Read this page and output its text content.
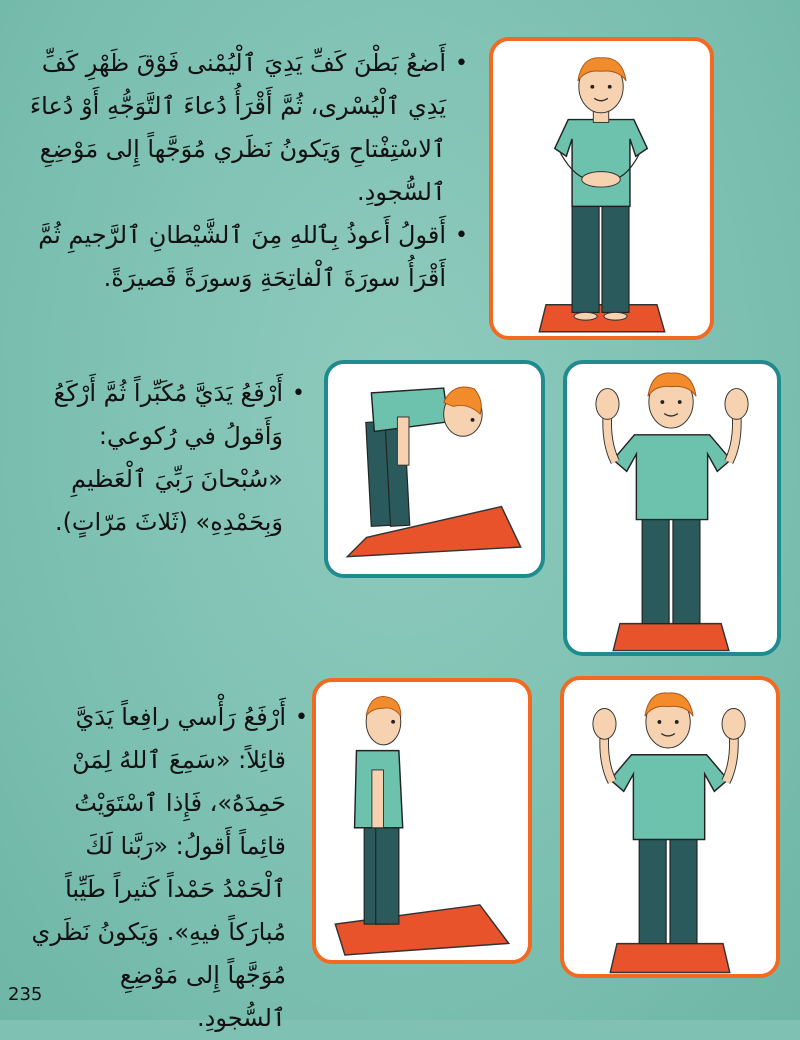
•
أَضعُ بَطْنَ كَفِّ يَدِيَ ٱلْيُمْنى فَوْقَ ظَهْرِ كَفِّ يَدِي ٱلْيُسْرى، ثُمَّ أَقْرَأُ دُعاءَ ٱلتَّوَجُّهِ أَوْ دُعاءَ ٱلاسْتِفْتاحِ وَيَكونُ نَظَري مُوَجَّهاً إِلى مَوْضِعِ ٱلسُّجودِ.

•
أَقولُ أَعوذُ بِٱللهِ مِنَ ٱلشَّيْطانِ ٱلرَّجيمِ ثُمَّ أَقْرَأُ سورَةَ ٱلْفاتِحَةِ وَسورَةً قَصيرَةً.

•
أَرْفَعُ يَدَيَّ مُكَبِّراً ثُمَّ أَرْكَعُ وَأَقولُ في رُكوعي: «سُبْحانَ رَبِّيَ ٱلْعَظيمِ وَبِحَمْدِهِ» (ثَلاثَ مَرّاتٍ).

•
أَرْفَعُ رَأْسي رافِعاً يَدَيَّ قائِلاً: «سَمِعَ ٱللهُ لِمَنْ حَمِدَهُ»، فَإِذا ٱسْتَوَيْتُ قائِماً أَقولُ: «رَبَّنا لَكَ ٱلْحَمْدُ حَمْداً كَثيراً طَيِّباً مُبارَكاً فيهِ». وَيَكونُ نَظَري مُوَجَّهاً إِلى مَوْضِعِ ٱلسُّجودِ.

235
